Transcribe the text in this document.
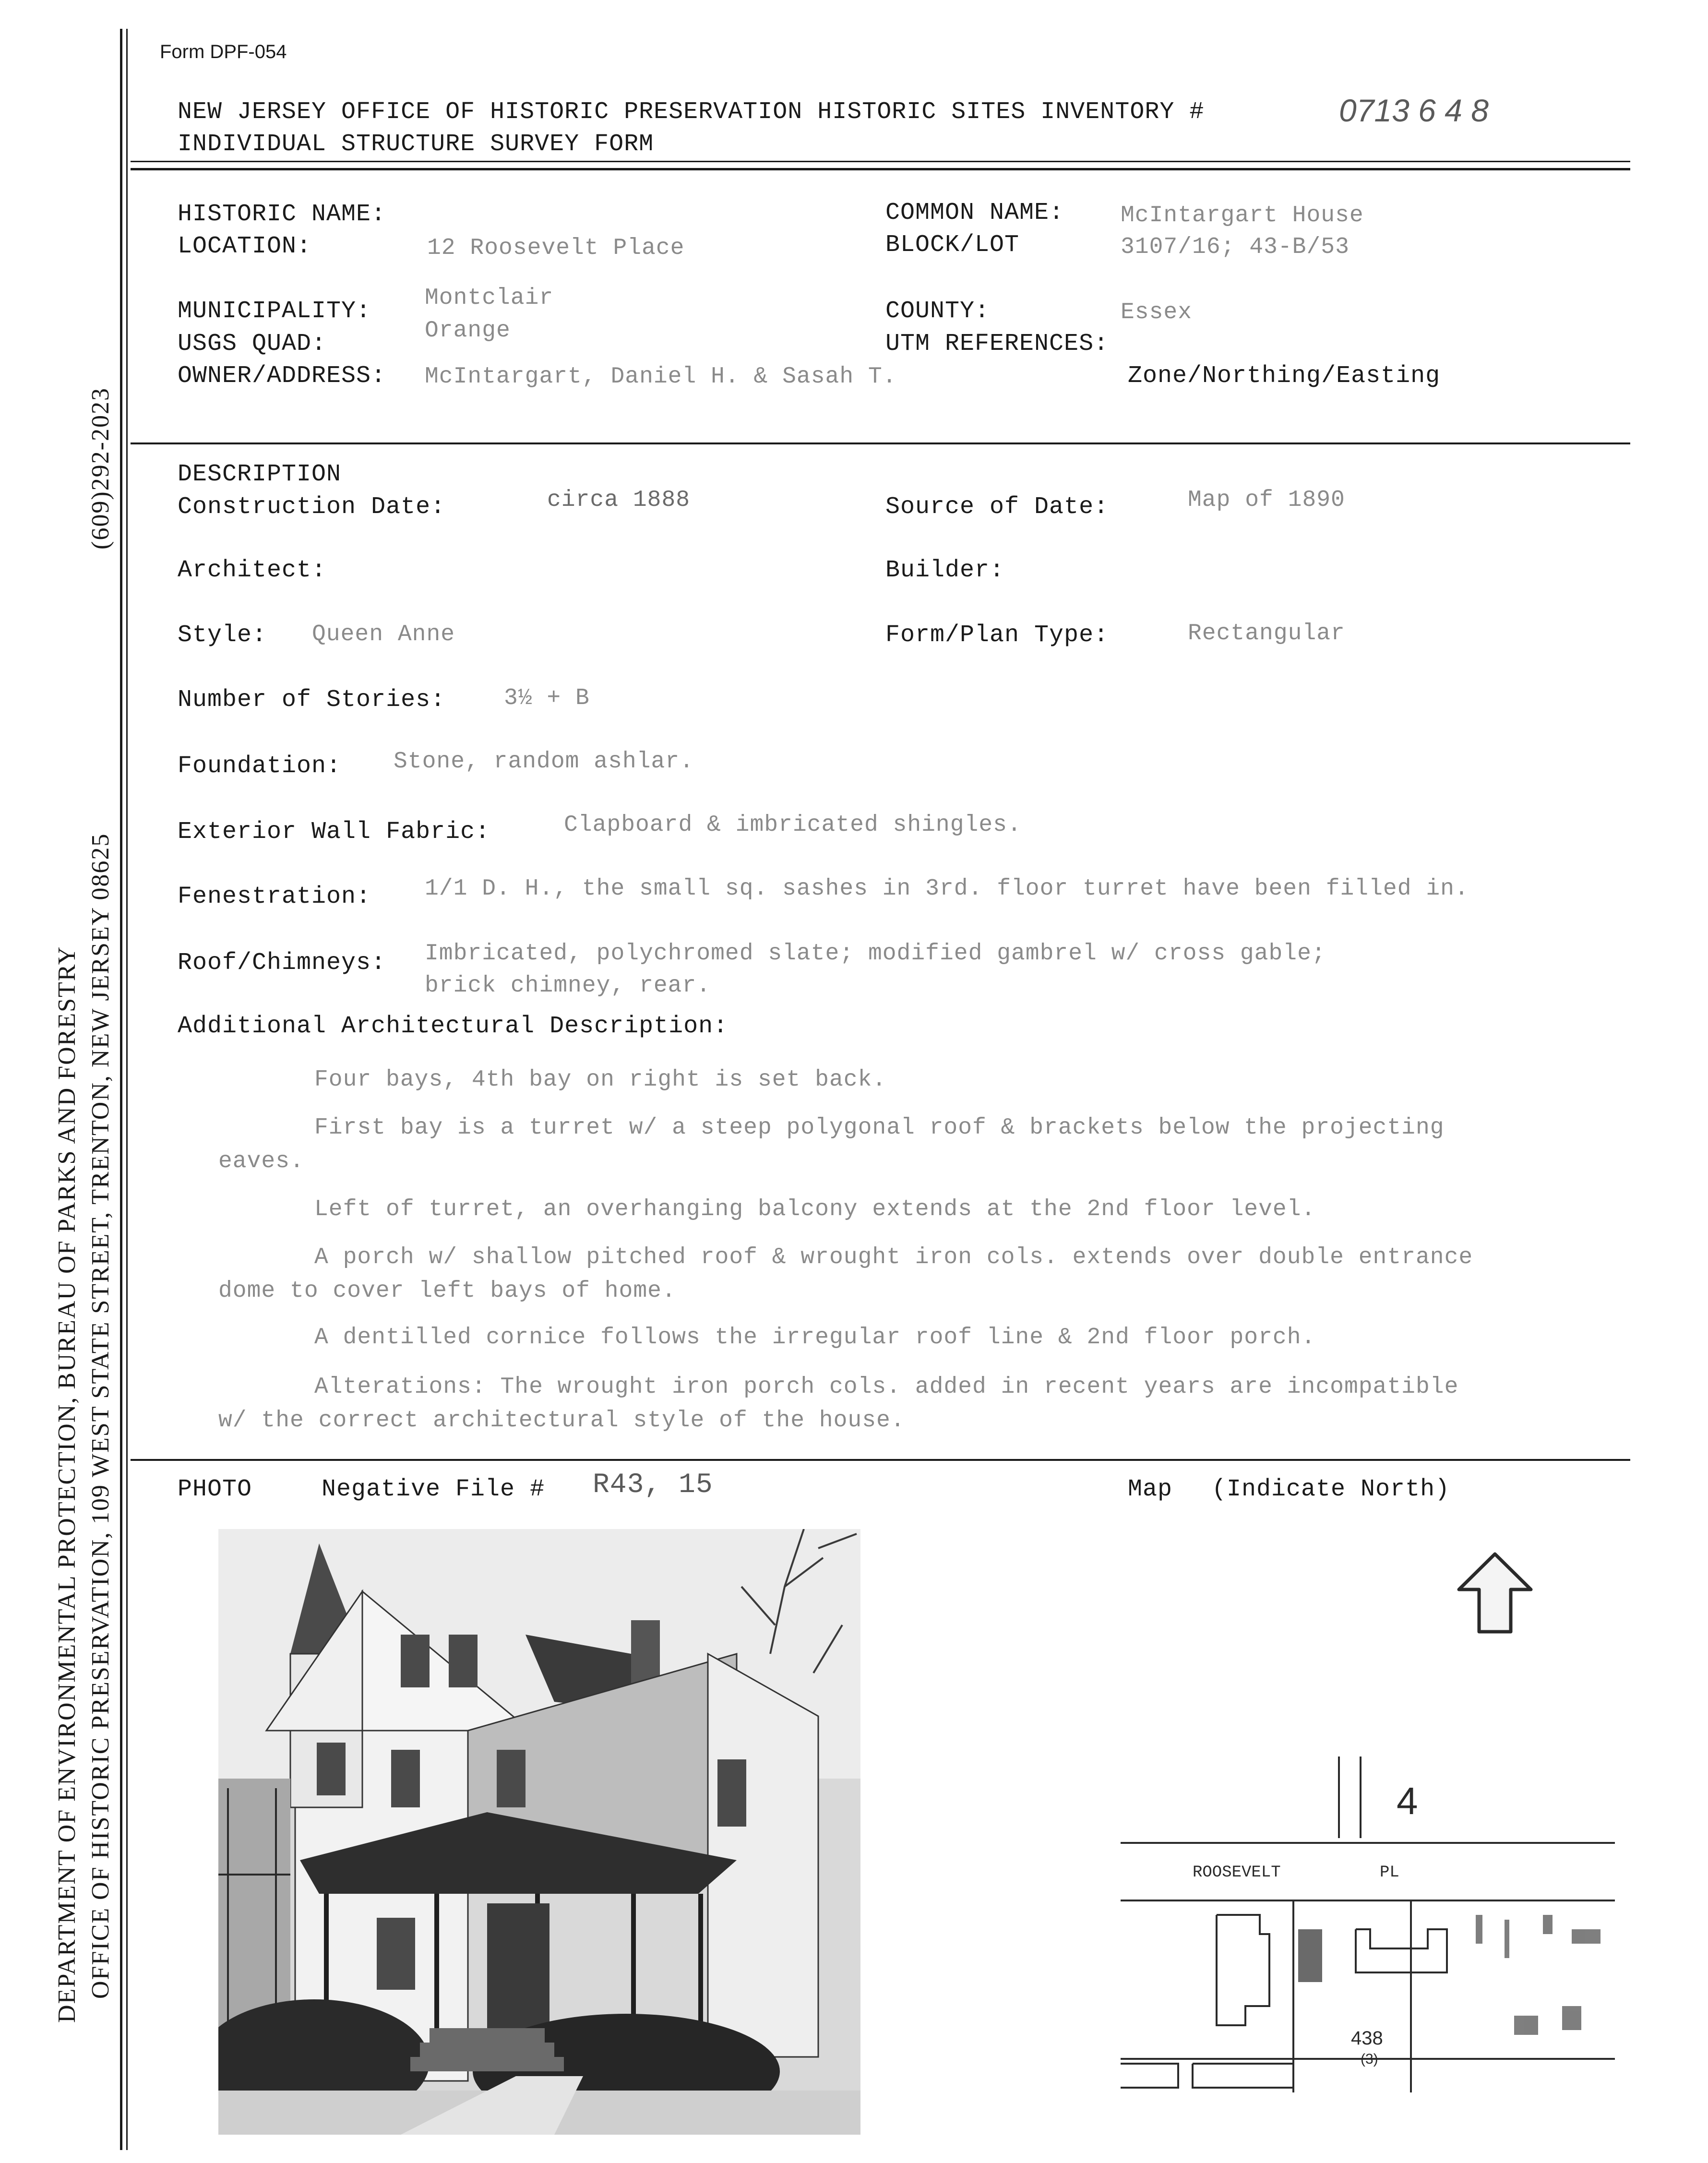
Form DPF-054
DEPARTMENT OF ENVIRONMENTAL PROTECTION, BUREAU OF PARKS AND FORESTRY OFFICE OF HISTORIC PRESERVATION, 109 WEST STATE STREET, TRENTON, NEW JERSEY 08625
(609)292-2023
NEW JERSEY OFFICE OF HISTORIC PRESERVATION HISTORIC SITES INVENTORY #
INDIVIDUAL STRUCTURE SURVEY FORM
0713 6 4 8
HISTORIC NAME:
LOCATION:	12 Roosevelt Place
MUNICIPALITY: Montclair
USGS QUAD:	Orange
OWNER/ADDRESS: McIntargart, Daniel H. & Sasah T.
COMMON NAME: McIntargart House
BLOCK/LOT	3107/16; 43-B/53
COUNTY:	Essex
UTM REFERENCES:
Zone/Northing/Easting
DESCRIPTION
Construction Date:	circa 1888	Source of Date:	Map of 1890
Architect:	Builder:
Style: Queen Anne	Form/Plan Type:	Rectangular
Number of Stories:	3½ + B
Foundation: Stone, random ashlar.
Exterior Wall Fabric:	Clapboard & imbricated shingles.
Fenestration: 1/1 D. H., the small sq. sashes in 3rd. floor turret have been filled in.
Roof/Chimneys: Imbricated, polychromed slate; modified gambrel w/ cross gable;
brick chimney, rear.
Additional Architectural Description:
Four bays, 4th bay on right is set back.
First bay is a turret w/ a steep polygonal roof & brackets below the projecting eaves.
Left of turret, an overhanging balcony extends at the 2nd floor level.
A porch w/ shallow pitched roof & wrought iron cols. extends over double entrance dome to cover left bays of home.
A dentilled cornice follows the irregular roof line & 2nd floor porch.
Alterations: The wrought iron porch cols. added in recent years are incompatible w/ the correct architectural style of the house.
PHOTO	Negative File # R43, 15	Map (Indicate North)
ROOSEVELT	PL
4
438
(3)
